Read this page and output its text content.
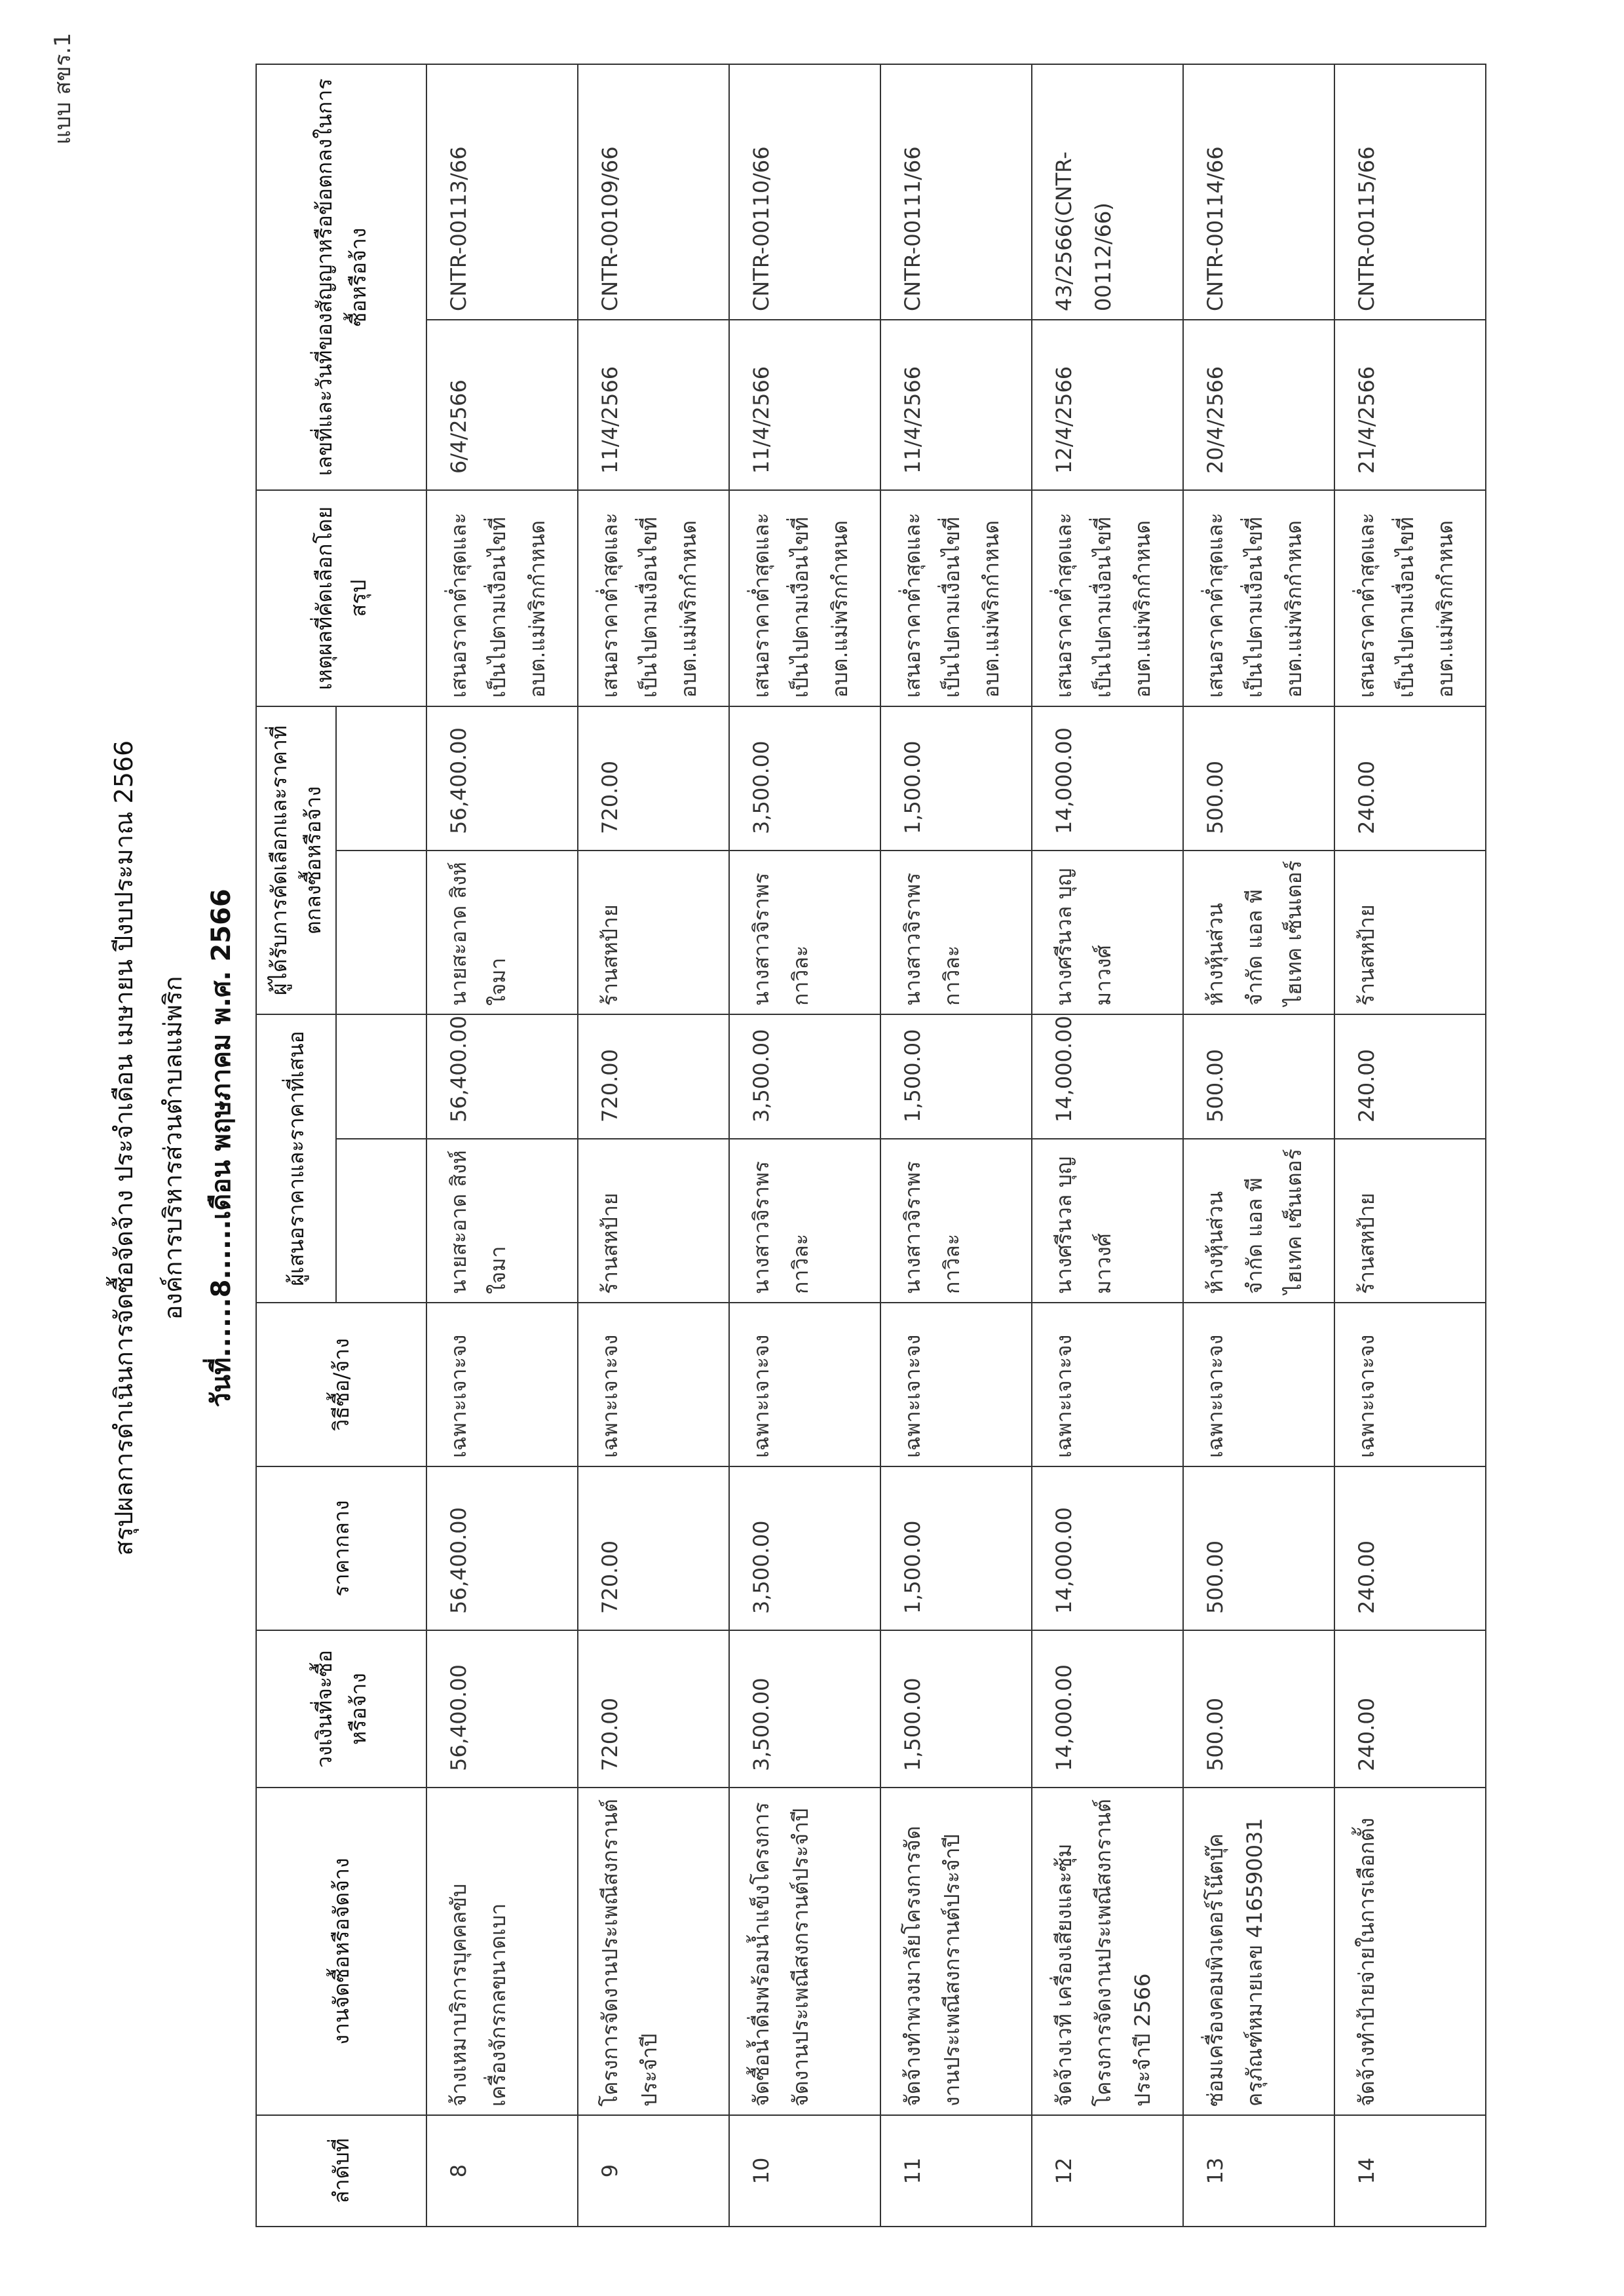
แบบ สขร.1
สรุปผลการดำเนินการจัดซื้อจัดจ้าง ประจำเดือน เมษายน ปีงบประมาณ 2566 องค์การบริหารส่วนตำบลแม่พริก วันที่......8......เดือน พฤษภาคม พ.ศ. 2566
ลำดับที่	งานจัดซื้อหรือจัดจ้าง	วงเงินที่จะซื้อหรือจ้าง	ราคากลาง	วิธีซื้อ/จ้าง	ผู้เสนอราคาและราคาที่เสนอ		ผู้ได้รับการคัดเลือกและราคาที่ตกลงซื้อหรือจ้าง		เหตุผลที่คัดเลือกโดยสรุป	เลขที่และวันที่ของสัญญาหรือข้อตกลงในการซื้อหรือจ้าง	

8	จ้างเหมาบริการบุคคลขับเครื่องจักรกลขนาดเบา	56,400.00	56,400.00	เฉพาะเจาะจง	นายสะอาด สิงห์ใจมา	56,400.00	นายสะอาด สิงห์ใจมา	56,400.00	เสนอราคาต่ำสุดและเป็นไปตามเงื่อนไขที่ อบต.แม่พริกกำหนด	6/4/2566	CNTR-00113/66
9	โครงการจัดงานประเพณีสงกรานต์ประจำปี	720.00	720.00	เฉพาะเจาะจง	ร้านสหป้าย	720.00	ร้านสหป้าย	720.00	เสนอราคาต่ำสุดและเป็นไปตามเงื่อนไขที่ อบต.แม่พริกกำหนด	11/4/2566	CNTR-00109/66
10	จัดซื้อน้ำดื่มพร้อมน้ำแข็งโครงการจัดงานประเพณีสงกรานต์ประจำปี	3,500.00	3,500.00	เฉพาะเจาะจง	นางสาวจิราพร กาวิละ	3,500.00	นางสาวจิราพร กาวิละ	3,500.00	เสนอราคาต่ำสุดและเป็นไปตามเงื่อนไขที่ อบต.แม่พริกกำหนด	11/4/2566	CNTR-00110/66
11	จัดจ้างทำพวงมาลัยโครงการจัดงานประเพณีสงกรานต์ประจำปี	1,500.00	1,500.00	เฉพาะเจาะจง	นางสาวจิราพร กาวิละ	1,500.00	นางสาวจิราพร กาวิละ	1,500.00	เสนอราคาต่ำสุดและเป็นไปตามเงื่อนไขที่ อบต.แม่พริกกำหนด	11/4/2566	CNTR-00111/66
12	จัดจ้างเวที เครื่องเสียงและซุ้ม โครงการจัดงานประเพณีสงกรานต์ประจำปี 2566	14,000.00	14,000.00	เฉพาะเจาะจง	นางศรีนวล บุญมาวงศ์	14,000.00	นางศรีนวล บุญมาวงศ์	14,000.00	เสนอราคาต่ำสุดและเป็นไปตามเงื่อนไขที่ อบต.แม่พริกกำหนด	12/4/2566	43/2566(CNTR-00112/66)
13	ซ่อมเครื่องคอมพิวเตอร์โน๊ตบุ๊ค ครุภัณฑ์หมายเลข 416590031	500.00	500.00	เฉพาะเจาะจง	ห้างหุ้นส่วนจำกัด แอล พี ไฮเทค เซ็นเตอร์	500.00	ห้างหุ้นส่วนจำกัด แอล พี ไฮเทค เซ็นเตอร์	500.00	เสนอราคาต่ำสุดและเป็นไปตามเงื่อนไขที่ อบต.แม่พริกกำหนด	20/4/2566	CNTR-00114/66
14	จัดจ้างทำป้ายจ่ายในการเลือกตั้ง	240.00	240.00	เฉพาะเจาะจง	ร้านสหป้าย	240.00	ร้านสหป้าย	240.00	เสนอราคาต่ำสุดและเป็นไปตามเงื่อนไขที่ อบต.แม่พริกกำหนด	21/4/2566	CNTR-00115/66
